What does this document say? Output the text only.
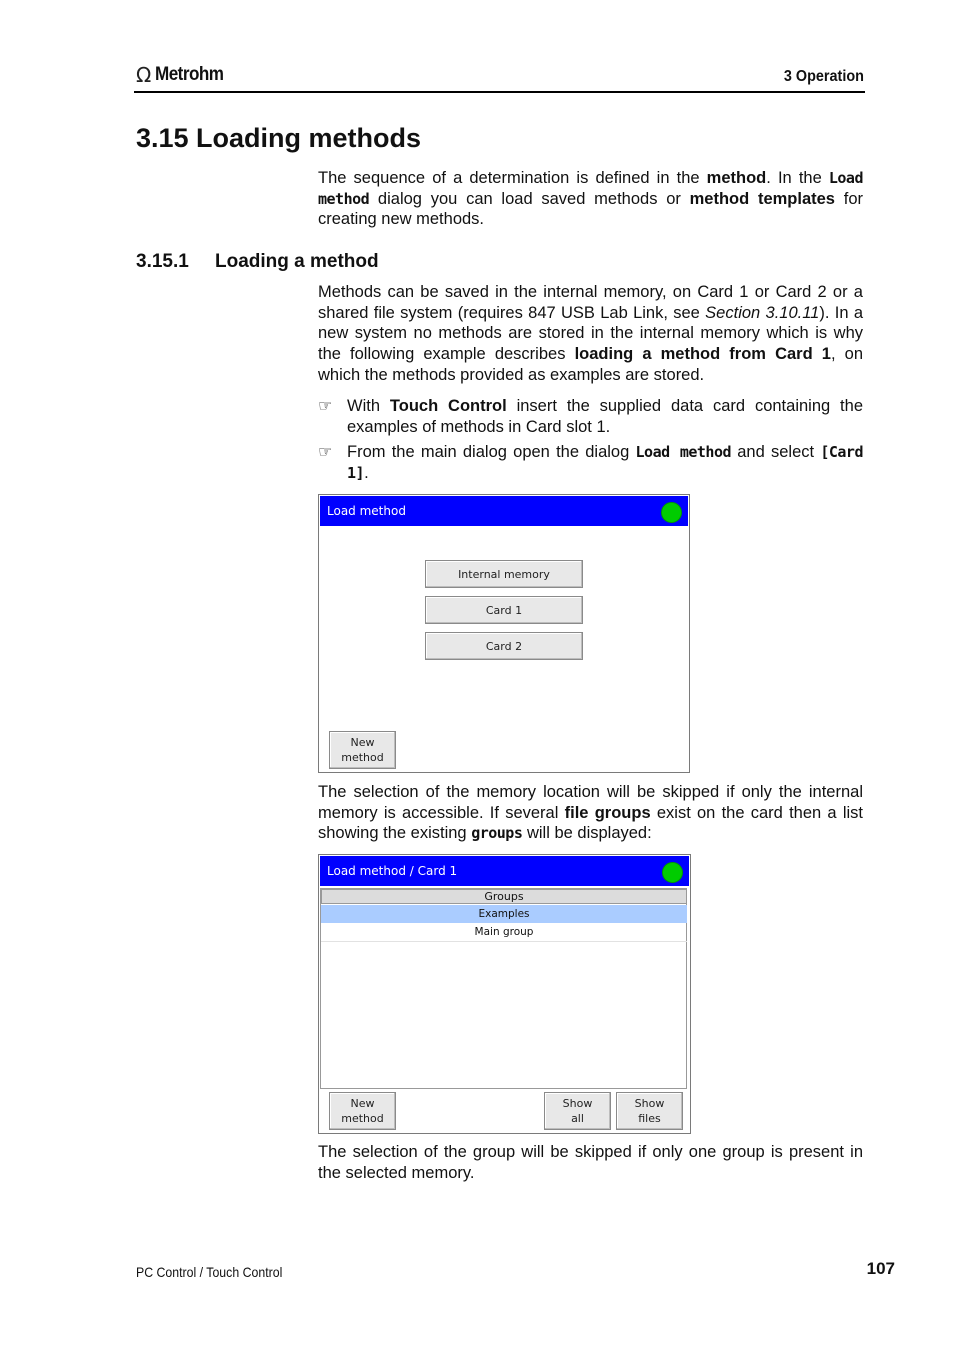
Ω Metrohm	3 Operation
3.15 Loading methods
The sequence of a determination is defined in the method. In the Load method dialog you can load saved methods or method templates for creating new methods.
3.15.1 Loading a method
Methods can be saved in the internal memory, on Card 1 or Card 2 or a shared file system (requires 847 USB Lab Link, see Section 3.10.11). In a new system no methods are stored in the internal memory which is why the following example describes loading a method from Card 1, on which the methods provided as examples are stored.
☞ With Touch Control insert the supplied data card containing the examples of methods in Card slot 1.
☞ From the main dialog open the dialog Load method and select [Card 1].
Load method
Internal memory
Card 1
Card 2
New
method
The selection of the memory location will be skipped if only the internal memory is accessible. If several file groups exist on the card then a list showing the existing groups will be displayed:
Load method / Card 1
Groups
Examples
Main group
New
method
Show
all
Show
files
The selection of the group will be skipped if only one group is present in the selected memory.
PC Control / Touch Control	107
